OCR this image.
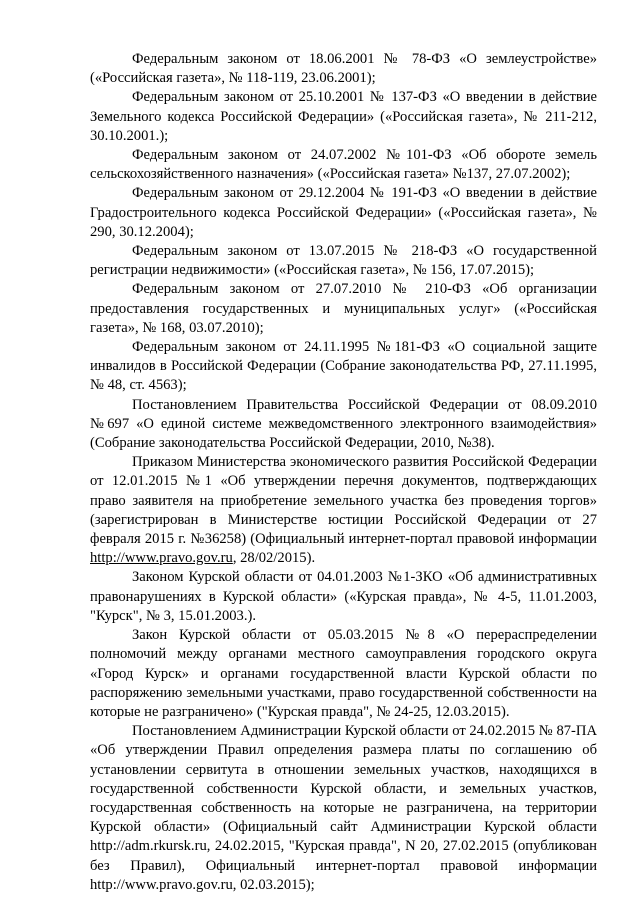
Федеральным законом от 18.06.2001 № 78-ФЗ «О землеустройстве» («Российская газета», № 118-119, 23.06.2001);

Федеральным законом от 25.10.2001 № 137-ФЗ «О введении в действие Земельного кодекса Российской Федерации» («Российская газета», № 211-212, 30.10.2001.);

Федеральным законом от 24.07.2002 №101-ФЗ «Об обороте земель сельскохозяйственного назначения» («Российская газета» №137, 27.07.2002);

Федеральным законом от 29.12.2004 № 191-ФЗ «О введении в действие Градостроительного кодекса Российской Федерации» («Российская газета», № 290, 30.12.2004);

Федеральным законом от 13.07.2015 № 218-ФЗ «О государственной регистрации недвижимости» («Российская газета», № 156, 17.07.2015);

Федеральным законом от 27.07.2010 № 210-ФЗ «Об организации предоставления государственных и муниципальных услуг» («Российская газета», № 168, 03.07.2010);

Федеральным законом от 24.11.1995 №181-ФЗ «О социальной защите инвалидов в Российской Федерации (Собрание законодательства РФ, 27.11.1995, № 48, ст. 4563);

Постановлением Правительства Российской Федерации от 08.09.2010 №697 «О единой системе межведомственного электронного взаимодействия» (Собрание законодательства Российской Федерации, 2010, №38).

Приказом Министерства экономического развития Российской Федерации от 12.01.2015 №1 «Об утверждении перечня документов, подтверждающих право заявителя на приобретение земельного участка без проведения торгов» (зарегистрирован в Министерстве юстиции Российской Федерации от 27 февраля 2015 г. №36258) (Официальный интернет-портал правовой информации http://www.pravo.gov.ru, 28/02/2015).

Законом Курской области от 04.01.2003 №1-ЗКО «Об административных правонарушениях в Курской области» («Курская правда», № 4-5, 11.01.2003, "Курск", № 3, 15.01.2003.).

Закон Курской области от 05.03.2015 №8 «О перераспределении полномочий между органами местного самоуправления городского округа «Город Курск» и органами государственной власти Курской области по распоряжению земельными участками, право государственной собственности на которые не разграничено» ("Курская правда", № 24-25, 12.03.2015).

Постановлением Администрации Курской области от 24.02.2015 № 87-ПА «Об утверждении Правил определения размера платы по соглашению об установлении сервитута в отношении земельных участков, находящихся в государственной собственности Курской области, и земельных участков, государственная собственность на которые не разграничена, на территории Курской области» (Официальный сайт Администрации Курской области http://adm.rkursk.ru, 24.02.2015, "Курская правда", N 20, 27.02.2015 (опубликован без Правил), Официальный интернет-портал правовой информации http://www.pravo.gov.ru, 02.03.2015);
